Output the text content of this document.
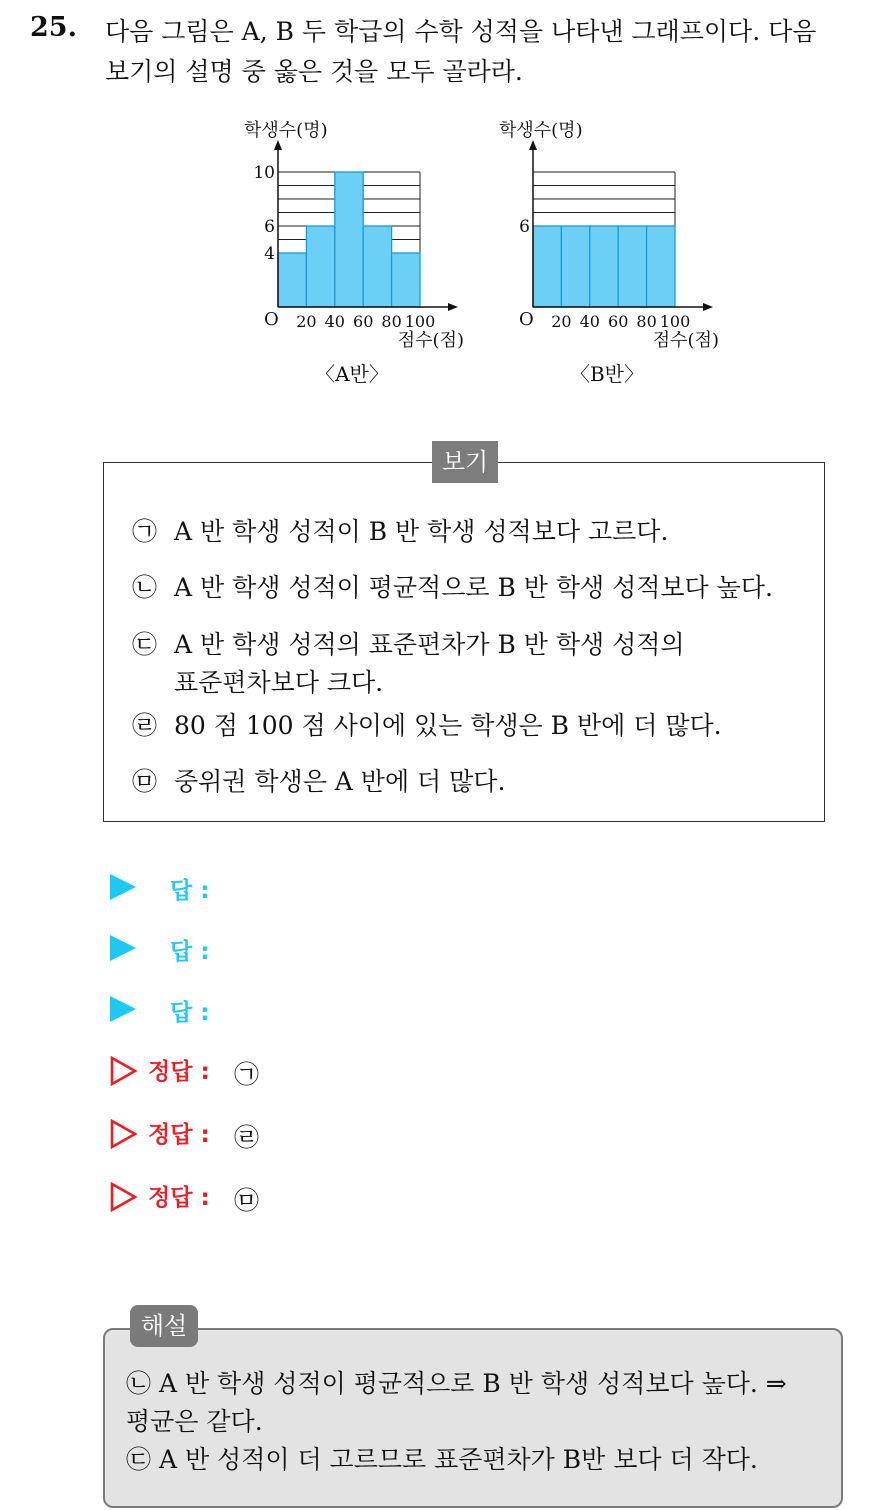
25. 다음 그림은 A, B 두 학급의 수학 성적을 나타낸 그래프이다. 다음
보기의 설명 중 옳은 것을 모두 골라라.
학생수(명)
O
4
6
10
20 40 60 80 100
점수(점)
〈A반〉
학생수(명)
O
6
20 40 60 80 100
점수(점)
〈B반〉
보기
㉠ A 반 학생 성적이 B 반 학생 성적보다 고르다.
㉡ A 반 학생 성적이 평균적으로 B 반 학생 성적보다 높다.
㉢ A 반 학생 성적의 표준편차가 B 반 학생 성적의
표준편차보다 크다.
㉣ 80 점 100 점 사이에 있는 학생은 B 반에 더 많다.
㉤ 중위권 학생은 A 반에 더 많다.
답 :
답 :
답 :
정답 : ㉠
정답 : ㉣
정답 : ㉤
해설
㉡ A 반 학생 성적이 평균적으로 B 반 학생 성적보다 높다. ⇒
평균은 같다.
㉢ A 반 성적이 더 고르므로 표준편차가 B반 보다 더 작다.
